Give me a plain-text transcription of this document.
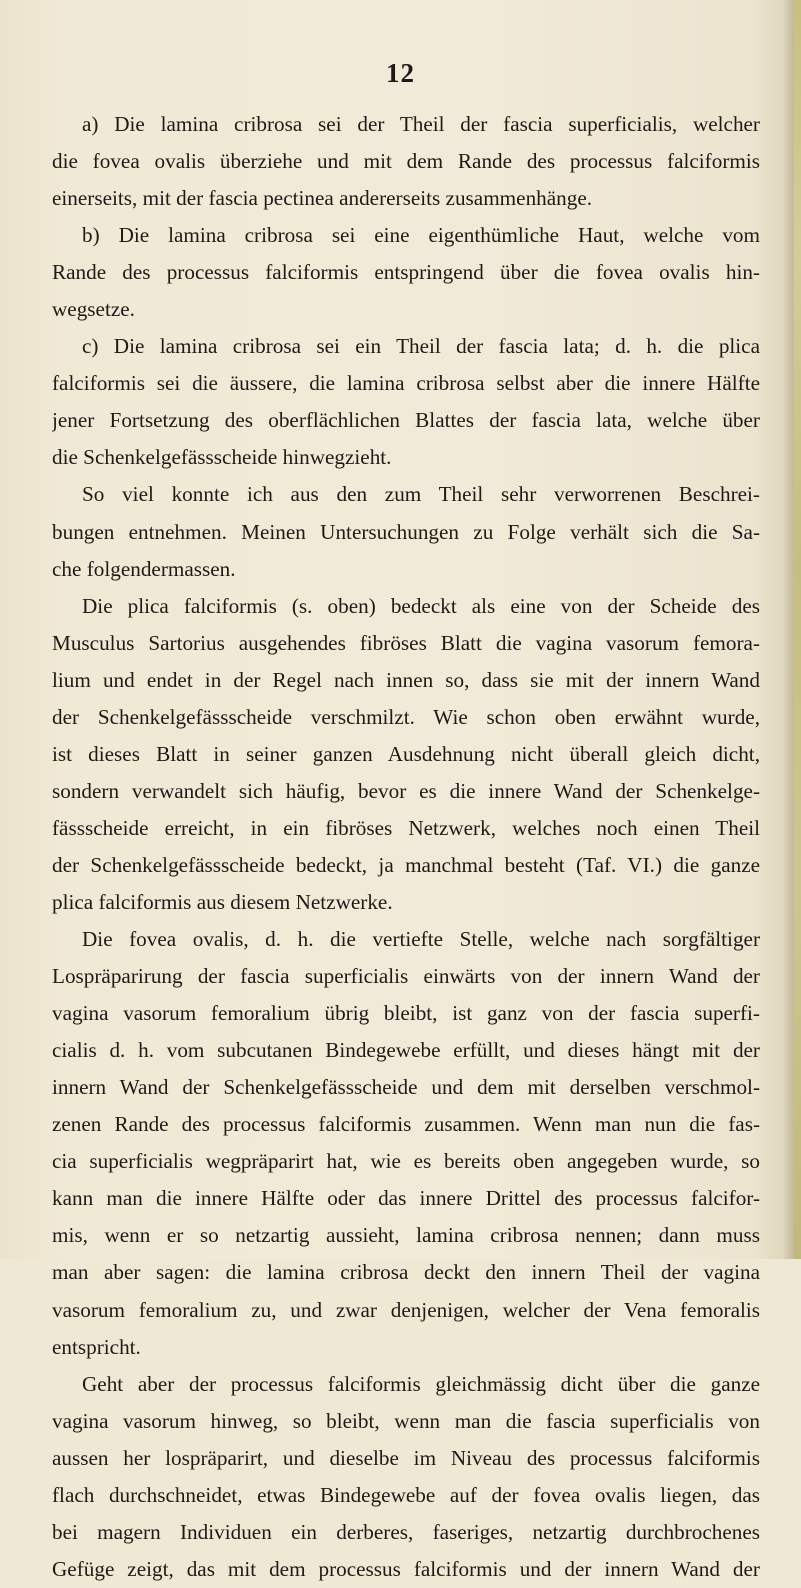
12
a) Die lamina cribrosa sei der Theil der fascia superficialis, welcher
die fovea ovalis überziehe und mit dem Rande des processus falciformis
einerseits, mit der fascia pectinea andererseits zusammenhänge.
b) Die lamina cribrosa sei eine eigenthümliche Haut, welche vom
Rande des processus falciformis entspringend über die fovea ovalis hin-
wegsetze.
c) Die lamina cribrosa sei ein Theil der fascia lata; d. h. die plica
falciformis sei die äussere, die lamina cribrosa selbst aber die innere Hälfte
jener Fortsetzung des oberflächlichen Blattes der fascia lata, welche über
die Schenkelgefässscheide hinwegzieht.
So viel konnte ich aus den zum Theil sehr verworrenen Beschrei-
bungen entnehmen. Meinen Untersuchungen zu Folge verhält sich die Sa-
che folgendermassen.
Die plica falciformis (s. oben) bedeckt als eine von der Scheide des
Musculus Sartorius ausgehendes fibröses Blatt die vagina vasorum femora-
lium und endet in der Regel nach innen so, dass sie mit der innern Wand
der Schenkelgefässscheide verschmilzt. Wie schon oben erwähnt wurde,
ist dieses Blatt in seiner ganzen Ausdehnung nicht überall gleich dicht,
sondern verwandelt sich häufig, bevor es die innere Wand der Schenkelge-
fässscheide erreicht, in ein fibröses Netzwerk, welches noch einen Theil
der Schenkelgefässscheide bedeckt, ja manchmal besteht (Taf. VI.) die ganze
plica falciformis aus diesem Netzwerke.
Die fovea ovalis, d. h. die vertiefte Stelle, welche nach sorgfältiger
Lospräparirung der fascia superficialis einwärts von der innern Wand der
vagina vasorum femoralium übrig bleibt, ist ganz von der fascia superfi-
cialis d. h. vom subcutanen Bindegewebe erfüllt, und dieses hängt mit der
innern Wand der Schenkelgefässscheide und dem mit derselben verschmol-
zenen Rande des processus falciformis zusammen. Wenn man nun die fas-
cia superficialis wegpräparirt hat, wie es bereits oben angegeben wurde, so
kann man die innere Hälfte oder das innere Drittel des processus falcifor-
mis, wenn er so netzartig aussieht, lamina cribrosa nennen; dann muss
man aber sagen: die lamina cribrosa deckt den innern Theil der vagina
vasorum femoralium zu, und zwar denjenigen, welcher der Vena femoralis
entspricht.
Geht aber der processus falciformis gleichmässig dicht über die ganze
vagina vasorum hinweg, so bleibt, wenn man die fascia superficialis von
aussen her lospräparirt, und dieselbe im Niveau des processus falciformis
flach durchschneidet, etwas Bindegewebe auf der fovea ovalis liegen, das
bei magern Individuen ein derberes, faseriges, netzartig durchbrochenes
Gefüge zeigt, das mit dem processus falciformis und der innern Wand der
